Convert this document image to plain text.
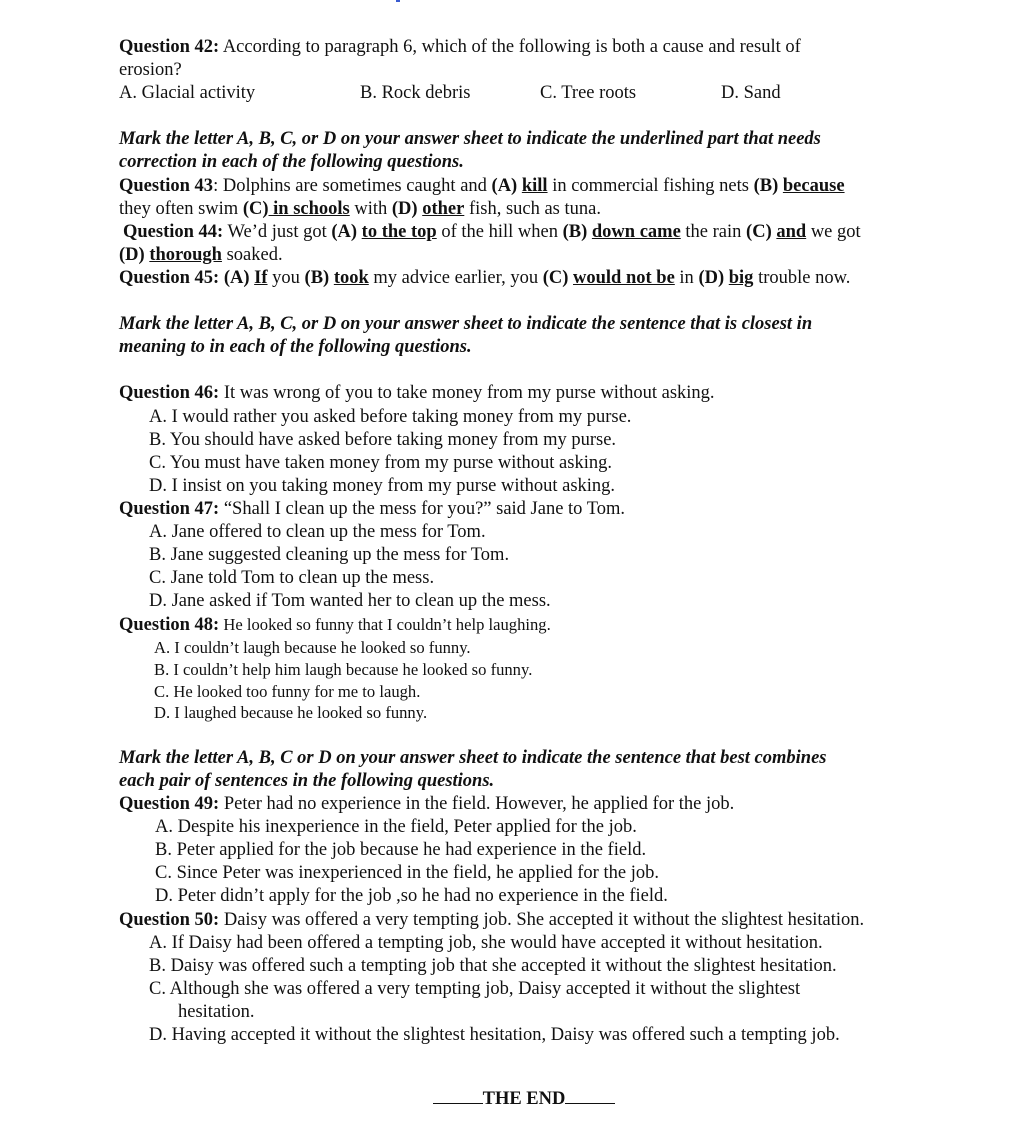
Question 42: According to paragraph 6, which of the following is both a cause and result of
erosion?
A. Glacial activity	B. Rock debris	C. Tree roots	D. Sand
Mark the letter A, B, C, or D on your answer sheet to indicate the underlined part that needs
correction in each of the following questions.
Question 43: Dolphins are sometimes caught and (A) kill in commercial fishing nets (B) because
they often swim (C) in schools with (D) other fish, such as tuna.
Question 44: We’d just got (A) to the top of the hill when (B) down came the rain (C) and we got
(D) thorough soaked.
Question 45: (A) If you (B) took my advice earlier, you (C) would not be in (D) big trouble now.
Mark the letter A, B, C, or D on your answer sheet to indicate the sentence that is closest in
meaning to in each of the following questions.
Question 46: It was wrong of you to take money from my purse without asking.
A. I would rather you asked before taking money from my purse.
B. You should have asked before taking money from my purse.
C. You must have taken money from my purse without asking.
D. I insist on you taking money from my purse without asking.
Question 47: “Shall I clean up the mess for you?” said Jane to Tom.
A. Jane offered to clean up the mess for Tom.
B. Jane suggested cleaning up the mess for Tom.
C. Jane told Tom to clean up the mess.
D. Jane asked if Tom wanted her to clean up the mess.
Question 48: He looked so funny that I couldn’t help laughing.
A. I couldn’t laugh because he looked so funny.
B. I couldn’t help him laugh because he looked so funny.
C. He looked too funny for me to laugh.
D. I laughed because he looked so funny.
Mark the letter A, B, C or D on your answer sheet to indicate the sentence that best combines
each pair of sentences in the following questions.
Question 49: Peter had no experience in the field. However, he applied for the job.
A. Despite his inexperience in the field, Peter applied for the job.
B. Peter applied for the job because he had experience in the field.
C. Since Peter was inexperienced in the field, he applied for the job.
D. Peter didn’t apply for the job ,so he had no experience in the field.
Question 50: Daisy was offered a very tempting job. She accepted it without the slightest hesitation.
A. If Daisy had been offered a tempting job, she would have accepted it without hesitation.
B. Daisy was offered such a tempting job that she accepted it without the slightest hesitation.
C. Although she was offered a very tempting job, Daisy accepted it without the slightest
hesitation.
D. Having accepted it without the slightest hesitation, Daisy was offered such a tempting job.
THE END
